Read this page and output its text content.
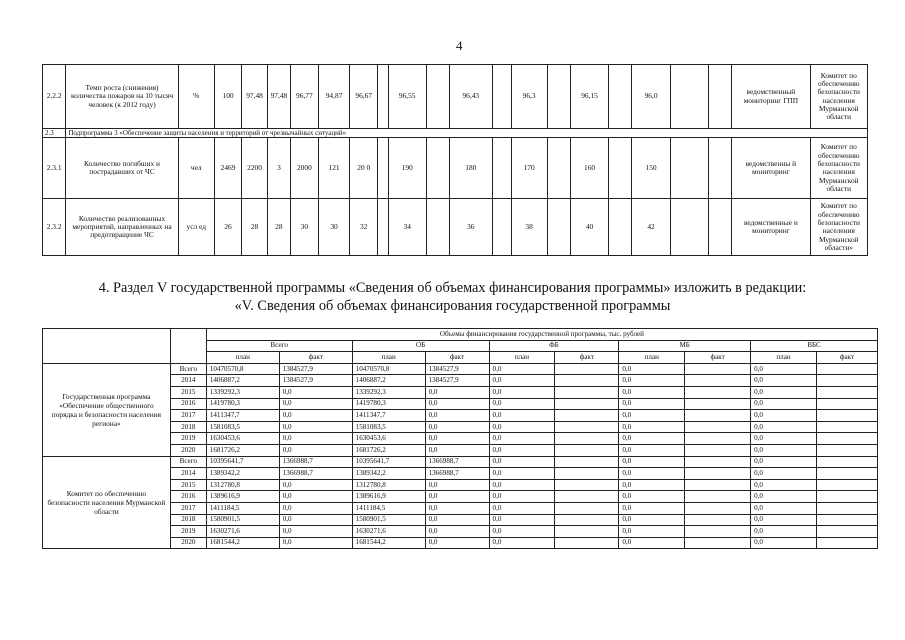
4
2.2.2	Темп роста (снижения) количества пожаров на 10 тысяч человек (к 2012 году)	%	100	97,48	97,48	96,77	94,87	96,67		96,55		96,43		96,3		96,15		96,0			ведомственный мониторинг ГПП	Комитет по обеспечению безопасности населения Мурманской области
2.3	Подпрограмма 3 «Обеспечение защиты населения и территорий от чрезвычайных ситуаций»																					
2.3.1	Количество погибших и пострадавших от ЧС	чел	2469	2200	3	2000	121	20 0		190		180		170		160		150			ведомственны й мониторинг	Комитет по обеспечению безопасности населения Мурманской области
2.3.2	Количество реализованных мероприятий, направленных на предотвращение ЧС	усл ед	26	28	28	30	30	32		34		36		38		40		42			ведомственные и мониторинг	Комитет по обеспечению безопасности населения Мурманской области»
4. Раздел V государственной программы «Сведения об объемах финансирования программы» изложить в редакции:
«V. Сведения об объемах финансирования государственной программы
		Объемы финансирования государственной программы, тыс. рублей									
		Всего		ОБ		ФБ		МБ		ВБС	
		план	факт	план	факт	план	факт	план	факт	план	факт
Государственная программа «Обеспечение общественного порядка и безопасности населения региона»	Всего	10470570,8	1384527,9	10470570,8	1384527,9	0,0		0,0		0,0	
	2014	1406887,2	1384527,9	1406887,2	1384527,9	0,0		0,0		0,0	
	2015	1339292,3	0,0	1339292,3	0,0	0,0		0,0		0,0	
	2016	1419780,3	0,0	1419780,3	0,0	0,0		0,0		0,0	
	2017	1411347,7	0,0	1411347,7	0,0	0,0		0,0		0,0	
	2018	1581083,5	0,0	1581083,5	0,0	0,0		0,0		0,0	
	2019	1630453,6	0,0	1630453,6	0,0	0,0		0,0		0,0	
	2020	1681726,2	0,0	1681726,2	0,0	0,0		0,0		0,0	
Комитет по обеспечению безопасности населения Мурманской области	Всего	10395641,7	1366988,7	10395641,7	1366988,7	0,0		0,0		0,0	
	2014	1389342,2	1366988,7	1389342,2	1366988,7	0,0		0,0		0,0	
	2015	1312780,8	0,0	1312780,8	0,0	0,0		0,0		0,0	
	2016	1389616,9	0,0	1389616,9	0,0	0,0		0,0		0,0	
	2017	1411184,5	0,0	1411184,5	0,0	0,0		0,0		0,0	
	2018	1580901,5	0,0	1580901,5	0,0	0,0		0,0		0,0	
	2019	1630271,6	0,0	1630271,6	0,0	0,0		0,0		0,0	
	2020	1681544,2	0,0	1681544,2	0,0	0,0		0,0		0,0	
